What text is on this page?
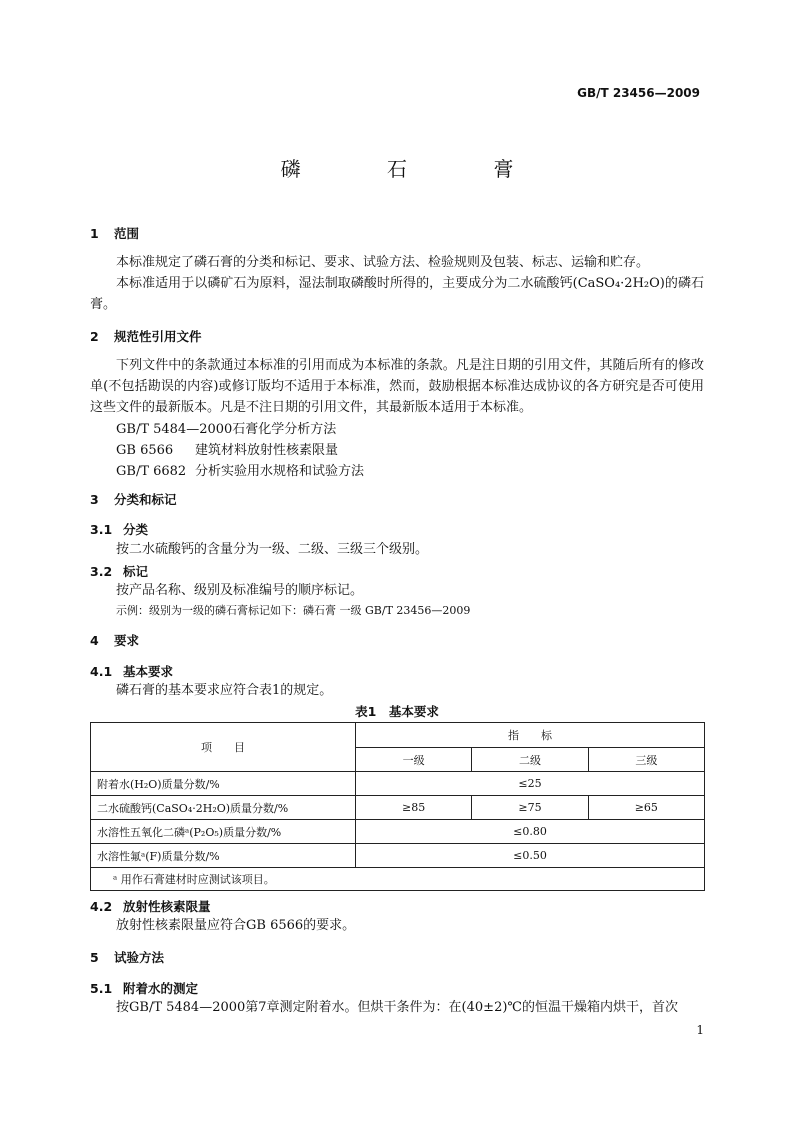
GB/T 23456—2009
磷 石 膏
1 范围
本标准规定了磷石膏的分类和标记、要求、试验方法、检验规则及包装、标志、运输和贮存。
本标准适用于以磷矿石为原料，湿法制取磷酸时所得的，主要成分为二水硫酸钙(CaSO₄·2H₂O)的磷石膏。
2 规范性引用文件
下列文件中的条款通过本标准的引用而成为本标准的条款。凡是注日期的引用文件，其随后所有的修改单(不包括勘误的内容)或修订版均不适用于本标准，然而，鼓励根据本标准达成协议的各方研究是否可使用这些文件的最新版本。凡是不注日期的引用文件，其最新版本适用于本标准。
GB/T 5484—2000石膏化学分析方法
GB 6566 建筑材料放射性核素限量
GB/T 6682 分析实验用水规格和试验方法
3 分类和标记
3.1 分类
按二水硫酸钙的含量分为一级、二级、三级三个级别。
3.2 标记
按产品名称、级别及标准编号的顺序标记。
示例：级别为一级的磷石膏标记如下：磷石膏 一级 GB/T 23456—2009
4 要求
4.1 基本要求
磷石膏的基本要求应符合表1的规定。
表1　基本要求
项　　目	指　　标		
	一级	二级	三级
附着水(H₂O)质量分数/%	≤25		
二水硫酸钙(CaSO₄·2H₂O)质量分数/%	≥85	≥75	≥65
水溶性五氧化二磷ᵃ(P₂O₅)质量分数/%	≤0.80		
水溶性氟ᵃ(F)质量分数/%	≤0.50		
ᵃ 用作石膏建材时应测试该项目。			
4.2 放射性核素限量
放射性核素限量应符合GB 6566的要求。
5 试验方法
5.1 附着水的测定
按GB/T 5484—2000第7章测定附着水。但烘干条件为：在(40±2)℃的恒温干燥箱内烘干，首次
1
